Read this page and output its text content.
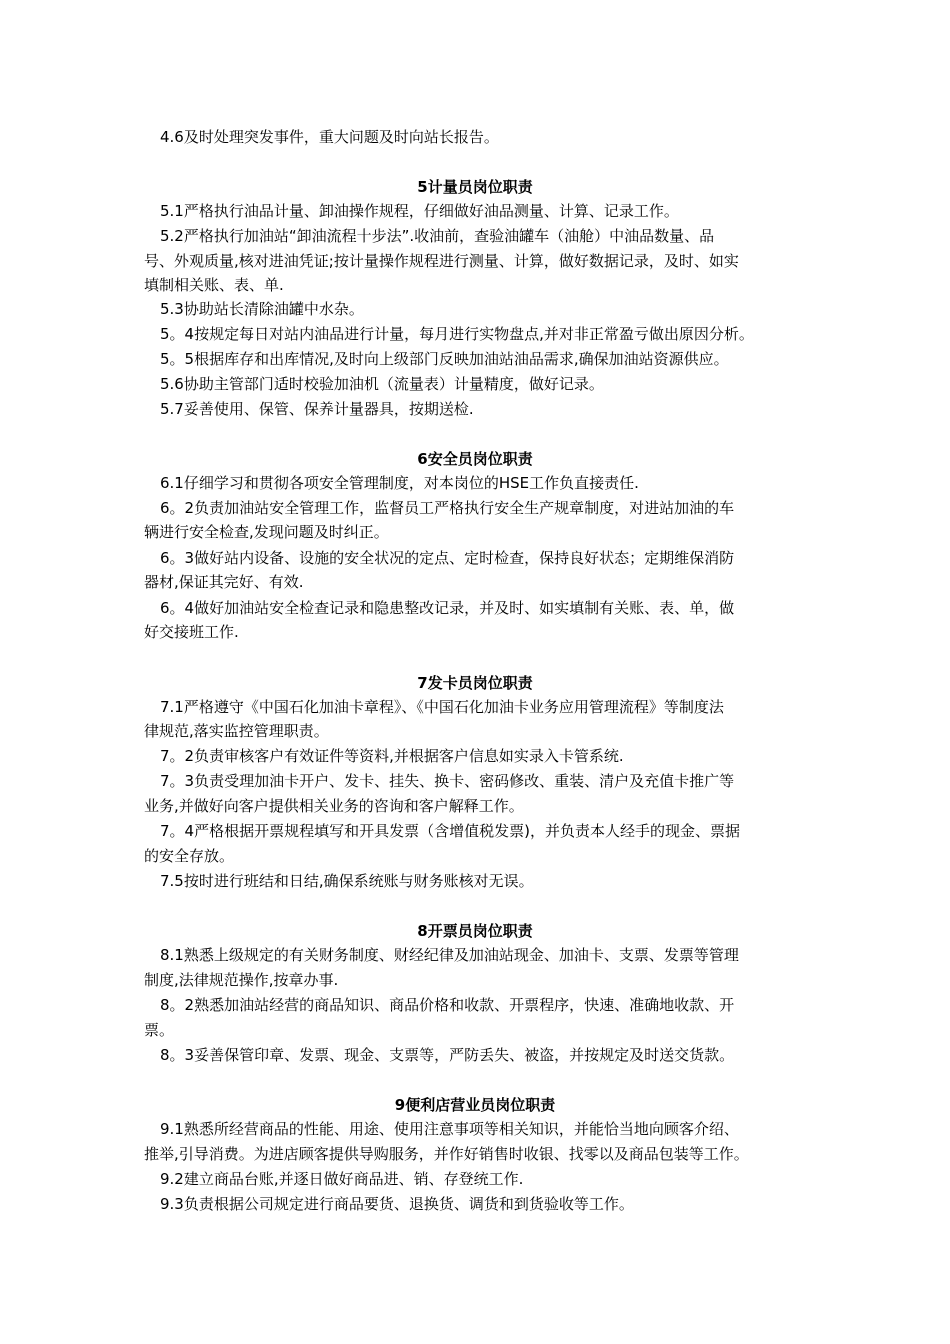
4.6及时处理突发事件，重大问题及时向站长报告。
5计量员岗位职责
5.1严格执行油品计量、卸油操作规程，仔细做好油品测量、计算、记录工作。
5.2严格执行加油站“卸油流程十步法”.收油前，查验油罐车（油舱）中油品数量、品
号、外观质量,核对进油凭证;按计量操作规程进行测量、计算，做好数据记录，及时、如实
填制相关账、表、单.
5.3协助站长清除油罐中水杂。
5。4按规定每日对站内油品进行计量，每月进行实物盘点,并对非正常盈亏做出原因分析。
5。5根据库存和出库情况,及时向上级部门反映加油站油品需求,确保加油站资源供应。
5.6协助主管部门适时校验加油机（流量表）计量精度，做好记录。
5.7妥善使用、保管、保养计量器具，按期送检.
6安全员岗位职责
6.1仔细学习和贯彻各项安全管理制度，对本岗位的HSE工作负直接责任.
6。2负责加油站安全管理工作，监督员工严格执行安全生产规章制度，对进站加油的车
辆进行安全检查,发现问题及时纠正。
6。3做好站内设备、设施的安全状况的定点、定时检查，保持良好状态；定期维保消防
器材,保证其完好、有效.
6。4做好加油站安全检查记录和隐患整改记录，并及时、如实填制有关账、表、单，做
好交接班工作.
7发卡员岗位职责
7.1严格遵守《中国石化加油卡章程》、《中国石化加油卡业务应用管理流程》等制度法
律规范,落实监控管理职责。
7。2负责审核客户有效证件等资料,并根据客户信息如实录入卡管系统.
7。3负责受理加油卡开户、发卡、挂失、换卡、密码修改、重装、清户及充值卡推广等
业务,并做好向客户提供相关业务的咨询和客户解释工作。
7。4严格根据开票规程填写和开具发票（含增值税发票)，并负责本人经手的现金、票据
的安全存放。
7.5按时进行班结和日结,确保系统账与财务账核对无误。
8开票员岗位职责
8.1熟悉上级规定的有关财务制度、财经纪律及加油站现金、加油卡、支票、发票等管理
制度,法律规范操作,按章办事.
8。2熟悉加油站经营的商品知识、商品价格和收款、开票程序，快速、准确地收款、开
票。
8。3妥善保管印章、发票、现金、支票等，严防丢失、被盗，并按规定及时送交货款。
9便利店营业员岗位职责
9.1熟悉所经营商品的性能、用途、使用注意事项等相关知识，并能恰当地向顾客介绍、
推举,引导消费。为进店顾客提供导购服务，并作好销售时收银、找零以及商品包装等工作。
9.2建立商品台账,并逐日做好商品进、销、存登统工作.
9.3负责根据公司规定进行商品要货、退换货、调货和到货验收等工作。
